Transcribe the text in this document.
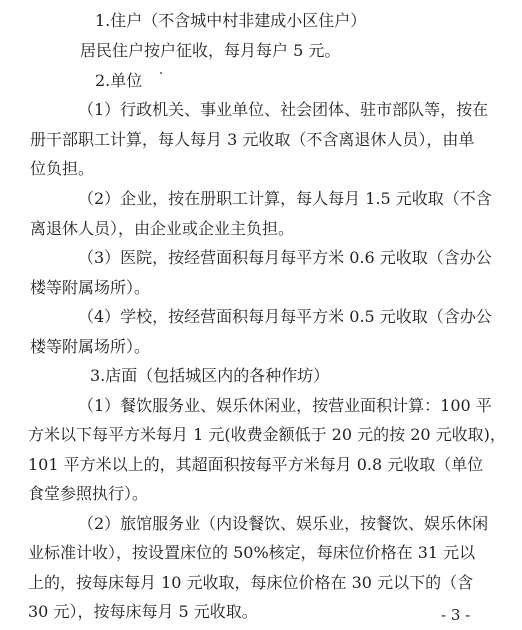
1.住户（不含城中村非建成小区住户）
居民住户按户征收，每月每户 5 元。
2.单位
（1）行政机关、事业单位、社会团体、驻市部队等，按在
册干部职工计算，每人每月 3 元收取（不含离退休人员），由单
位负担。
（2）企业，按在册职工计算，每人每月 1.5 元收取（不含
离退休人员），由企业或企业主负担。
（3）医院，按经营面积每月每平方米 0.6 元收取（含办公
楼等附属场所）。
（4）学校，按经营面积每月每平方米 0.5 元收取（含办公
楼等附属场所）。
3.店面（包括城区内的各种作坊）
（1）餐饮服务业、娱乐休闲业，按营业面积计算：100 平
方米以下每平方米每月 1 元(收费金额低于 20 元的按 20 元收取)，
101 平方米以上的，其超面积按每平方米每月 0.8 元收取（单位
食堂参照执行）。
（2）旅馆服务业（内设餐饮、娱乐业，按餐饮、娱乐休闲
业标准计收），按设置床位的 50%核定，每床位价格在 31 元以
上的，按每床每月 10 元收取，每床位价格在 30 元以下的（含
30 元），按每床每月 5 元收取。	- 3 -
